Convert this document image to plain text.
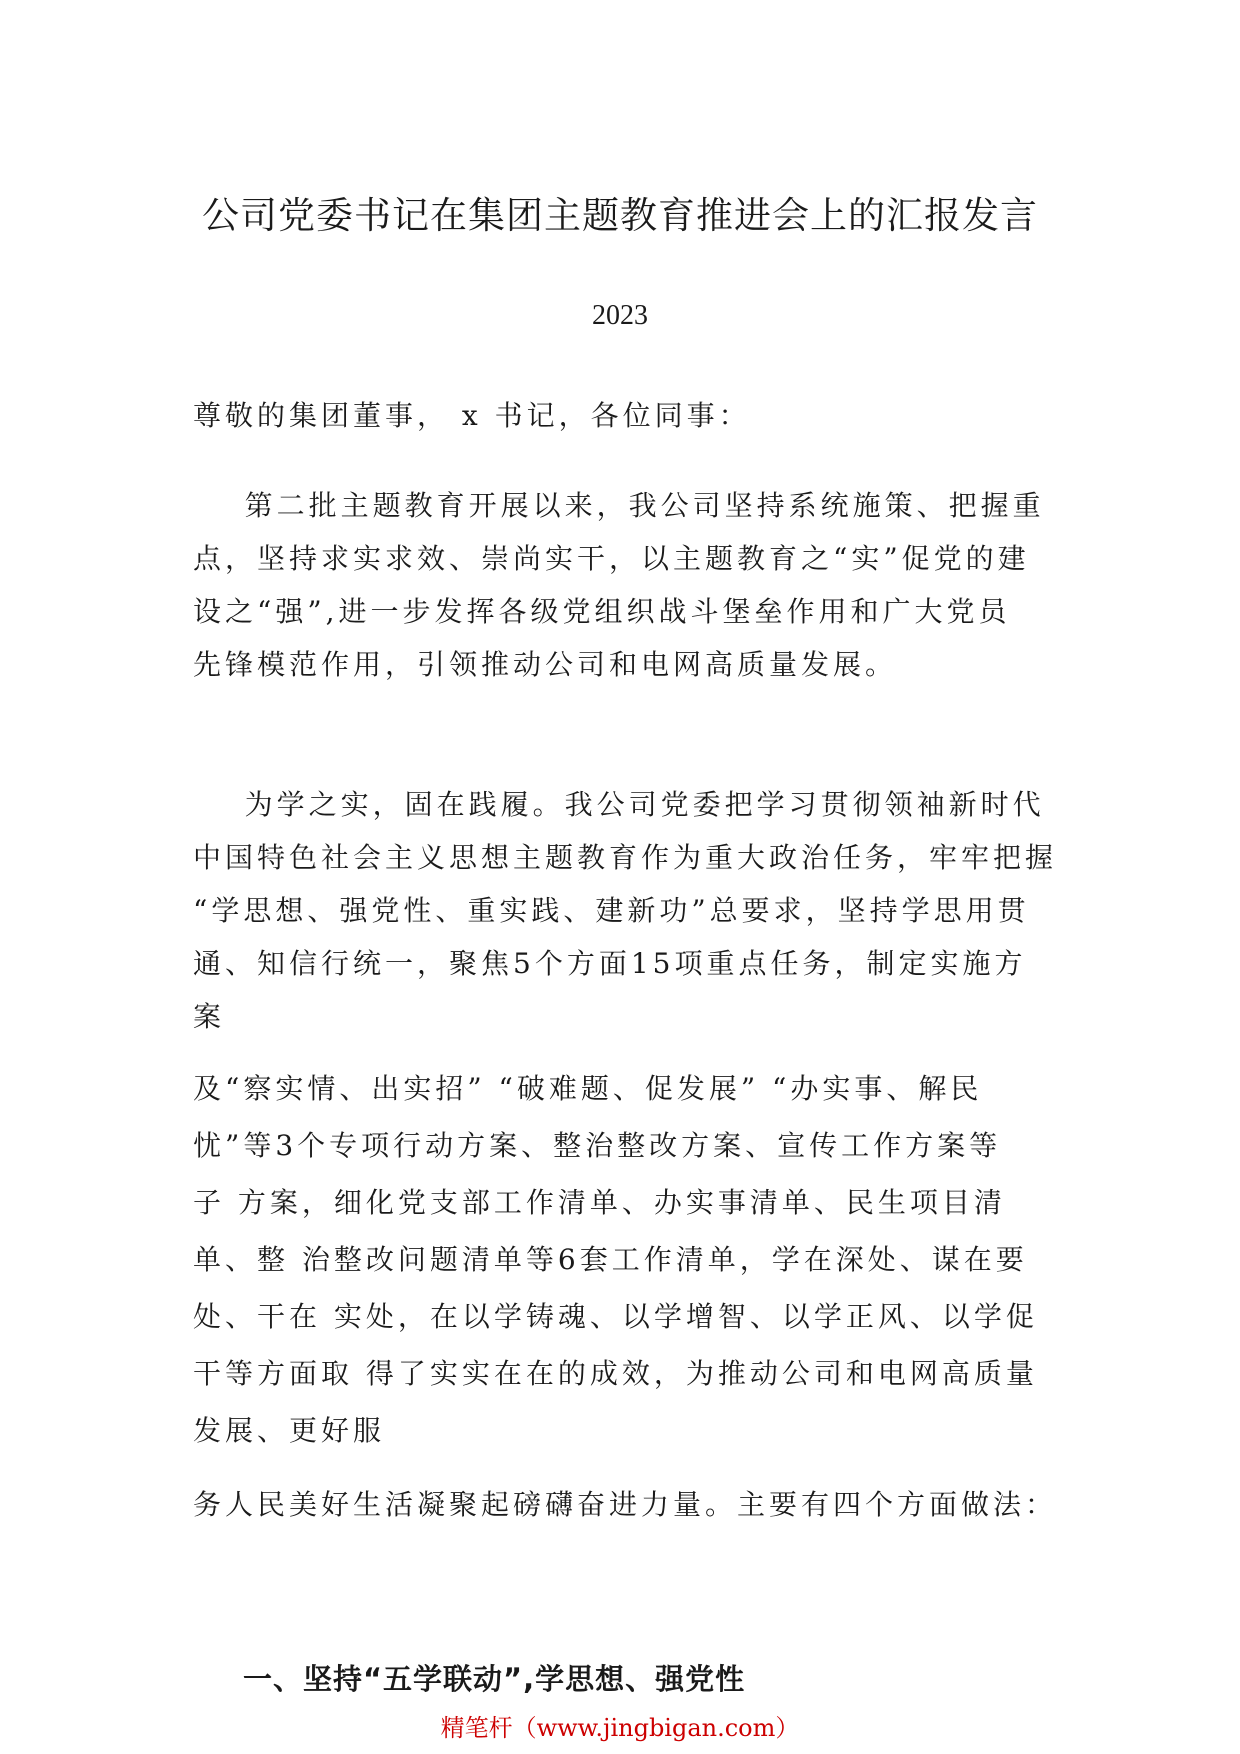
公司党委书记在集团主题教育推进会上的汇报发言
2023
尊敬的集团董事， x 书记，各位同事：
第二批主题教育开展以来，我公司坚持系统施策、把握重
点，坚持求实求效、崇尚实干，以主题教育之“实”促党的建
设之“强”,进一步发挥各级党组织战斗堡垒作用和广大党员
先锋模范作用，引领推动公司和电网高质量发展。
为学之实，固在践履。我公司党委把学习贯彻领袖新时代
中国特色社会主义思想主题教育作为重大政治任务，牢牢把握
“学思想、强党性、重实践、建新功”总要求，坚持学思用贯
通、知信行统一，聚焦5个方面15项重点任务，制定实施方
案
及“察实情、出实招” “破难题、促发展” “办实事、解民
忧”等3个专项行动方案、整治整改方案、宣传工作方案等
子 方案，细化党支部工作清单、办实事清单、民生项目清
单、整 治整改问题清单等6套工作清单，学在深处、谋在要
处、干在 实处，在以学铸魂、以学增智、以学正风、以学促
干等方面取 得了实实在在的成效，为推动公司和电网高质量
发展、更好服
务人民美好生活凝聚起磅礴奋进力量。主要有四个方面做法：
一、坚持“五学联动”,学思想、强党性
精笔杆（www.jingbigan.com）
